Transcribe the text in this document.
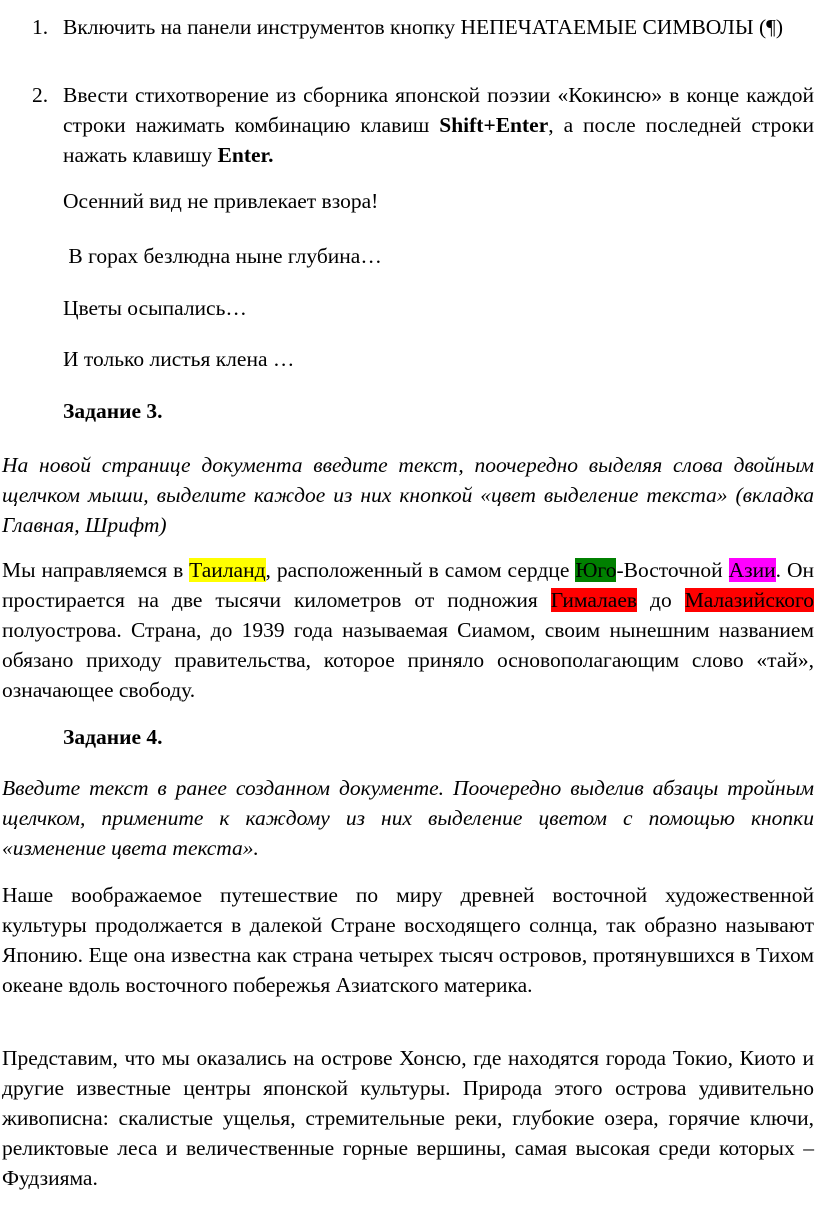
1. Включить на панели инструментов кнопку НЕПЕЧАТАЕМЫЕ СИМВОЛЫ (¶)

2. Ввести стихотворение из сборника японской поэзии «Кокинсю» в конце каждой строки нажимать комбинацию клавиш Shift+Enter, а после последней строки нажать клавишу Enter.

Осенний вид не привлекает взора!

В горах безлюдна ныне глубина…

Цветы осыпались…

И только листья клена …

Задание 3.

На новой странице документа введите текст, поочередно выделяя слова двойным щелчком мыши, выделите каждое из них кнопкой «цвет выделение текста» (вкладка Главная, Шрифт)

Мы направляемся в Таиланд, расположенный в самом сердце Юго-Восточной Азии. Он простирается на две тысячи километров от подножия Гималаев до Малазийского полуострова. Страна, до 1939 года называемая Сиамом, своим нынешним названием обязано приходу правительства, которое приняло основополагающим слово «тай», означающее свободу.

Задание 4.

Введите текст в ранее созданном документе. Поочередно выделив абзацы тройным щелчком, примените к каждому из них выделение цветом с помощью кнопки «изменение цвета текста».

Наше воображаемое путешествие по миру древней восточной художественной культуры продолжается в далекой Стране восходящего солнца, так образно называют Японию. Еще она известна как страна четырех тысяч островов, протянувшихся в Тихом океане вдоль восточного побережья Азиатского материка.

Представим, что мы оказались на острове Хонсю, где находятся города Токио, Киото и другие известные центры японской культуры. Природа этого острова удивительно живописна: скалистые ущелья, стремительные реки, глубокие озера, горячие ключи, реликтовые леса и величественные горные вершины, самая высокая среди которых – Фудзияма.
